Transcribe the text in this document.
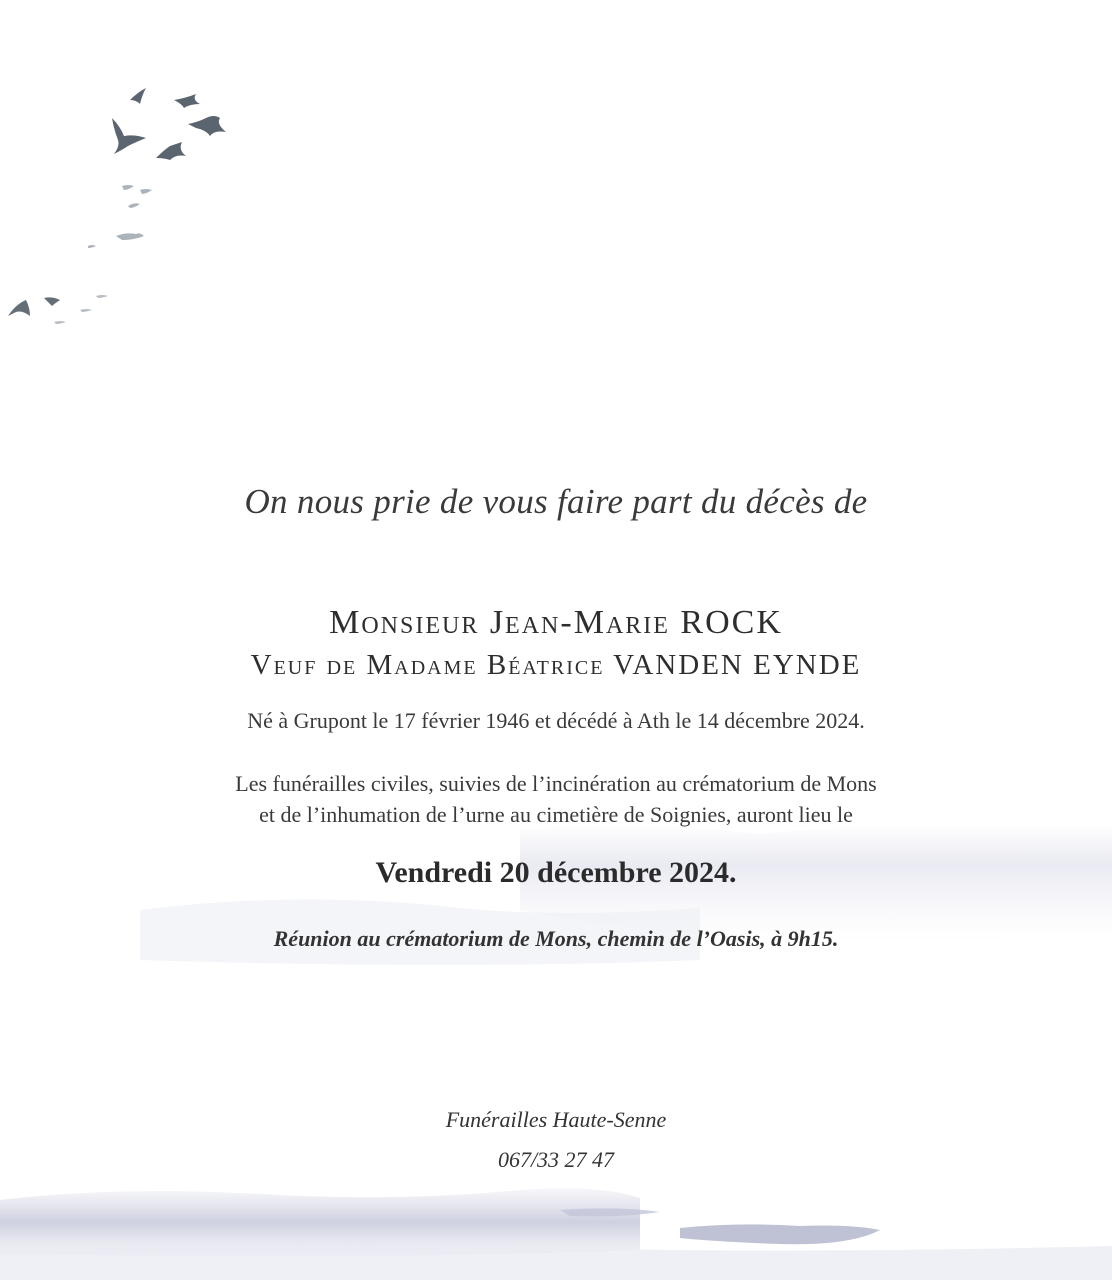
On nous prie de vous faire part du décès de
Monsieur Jean-Marie ROCK
Veuf de Madame Béatrice VANDEN EYNDE
Né à Grupont le 17 février 1946 et décédé à Ath le 14 décembre 2024.
Les funérailles civiles, suivies de l’incinération au crématorium de Mons
et de l’inhumation de l’urne au cimetière de Soignies, auront lieu le
Vendredi 20 décembre 2024.
Réunion au crématorium de Mons, chemin de l’Oasis, à 9h15.
Funérailles Haute-Senne
067/33 27 47
